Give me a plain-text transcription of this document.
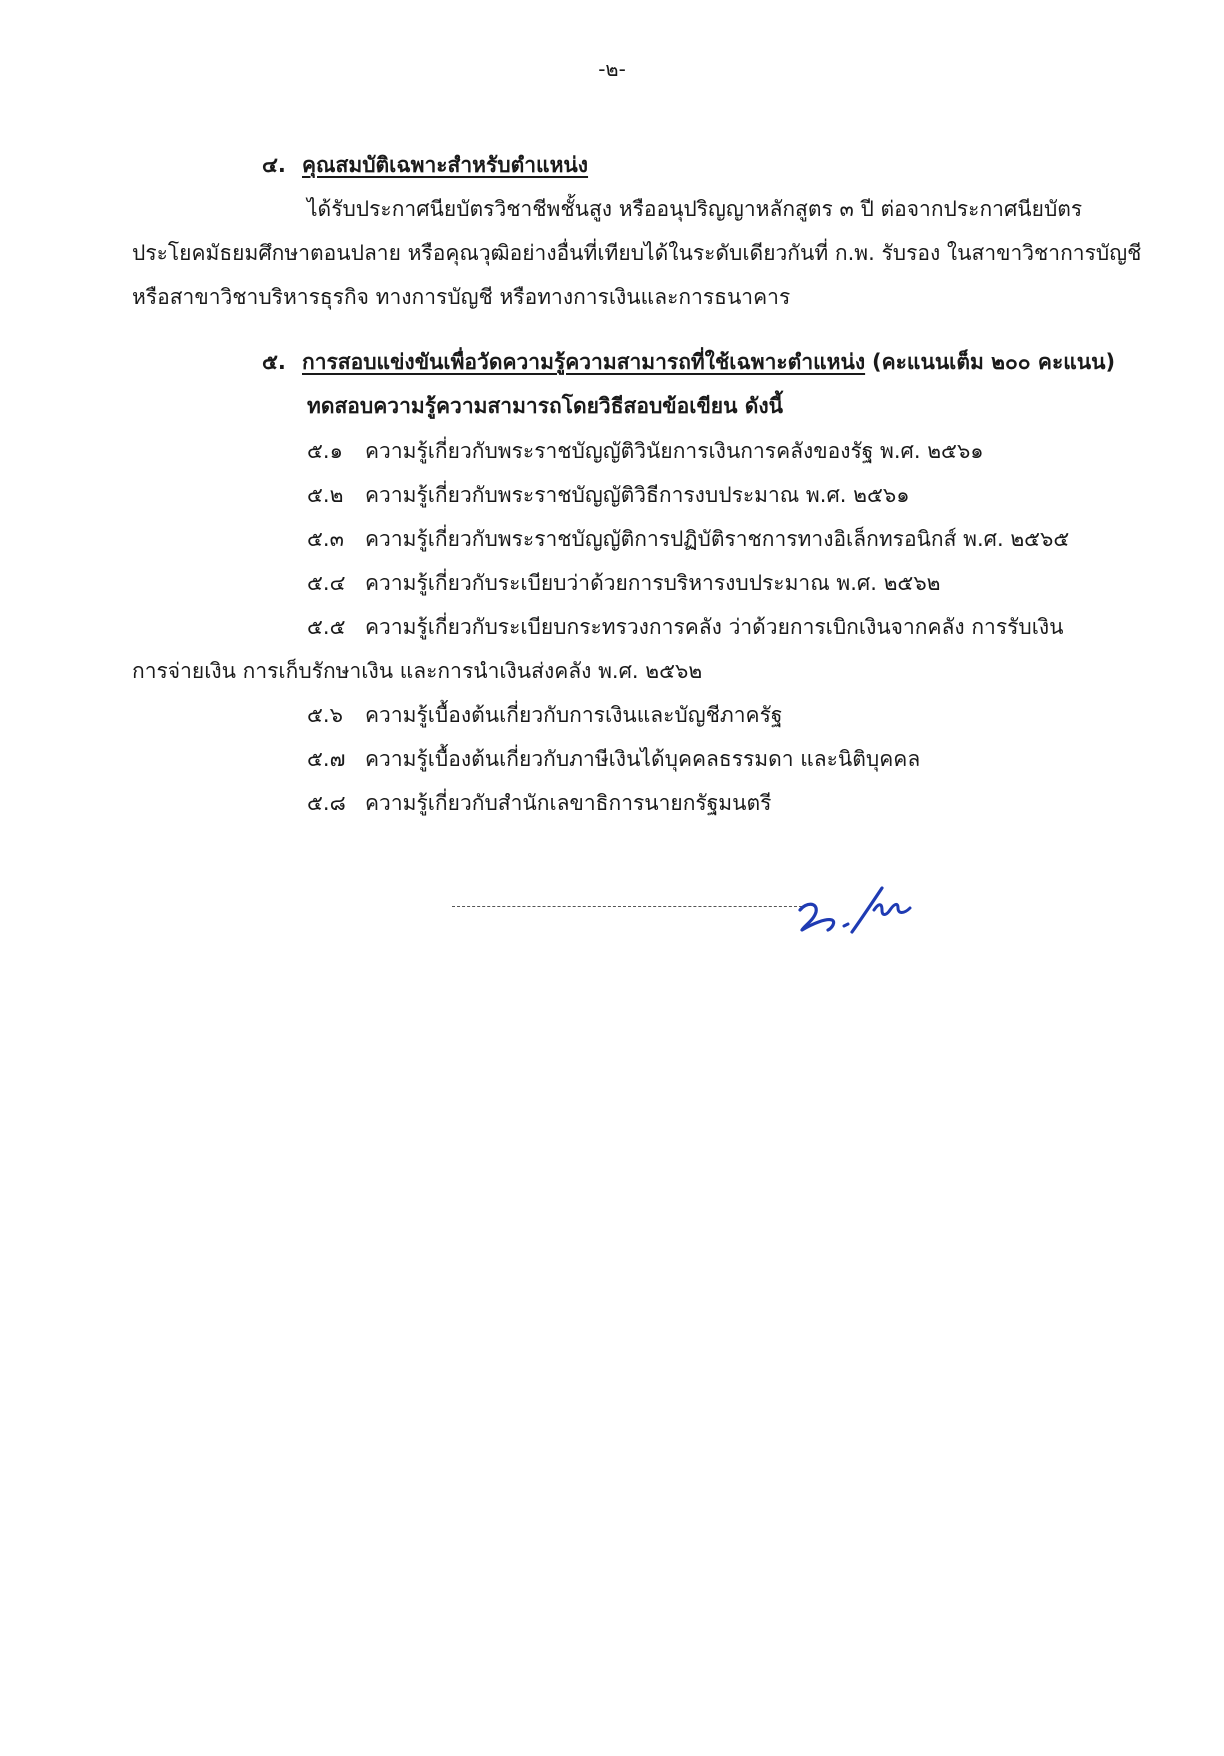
-๒-
๔. คุณสมบัติเฉพาะสำหรับตำแหน่ง
ได้รับประกาศนียบัตรวิชาชีพชั้นสูง หรืออนุปริญญาหลักสูตร ๓ ปี ต่อจากประกาศนียบัตร
ประโยคมัธยมศึกษาตอนปลาย หรือคุณวุฒิอย่างอื่นที่เทียบได้ในระดับเดียวกันที่ ก.พ. รับรอง ในสาขาวิชาการบัญชี
หรือสาขาวิชาบริหารธุรกิจ ทางการบัญชี หรือทางการเงินและการธนาคาร
๕. การสอบแข่งขันเพื่อวัดความรู้ความสามารถที่ใช้เฉพาะตำแหน่ง (คะแนนเต็ม ๒๐๐ คะแนน)
ทดสอบความรู้ความสามารถโดยวิธีสอบข้อเขียน ดังนี้
๕.๑ ความรู้เกี่ยวกับพระราชบัญญัติวินัยการเงินการคลังของรัฐ พ.ศ. ๒๕๖๑
๕.๒ ความรู้เกี่ยวกับพระราชบัญญัติวิธีการงบประมาณ พ.ศ. ๒๕๖๑
๕.๓ ความรู้เกี่ยวกับพระราชบัญญัติการปฏิบัติราชการทางอิเล็กทรอนิกส์ พ.ศ. ๒๕๖๕
๕.๔ ความรู้เกี่ยวกับระเบียบว่าด้วยการบริหารงบประมาณ พ.ศ. ๒๕๖๒
๕.๕ ความรู้เกี่ยวกับระเบียบกระทรวงการคลัง ว่าด้วยการเบิกเงินจากคลัง การรับเงิน
การจ่ายเงิน การเก็บรักษาเงิน และการนำเงินส่งคลัง พ.ศ. ๒๕๖๒
๕.๖ ความรู้เบื้องต้นเกี่ยวกับการเงินและบัญชีภาครัฐ
๕.๗ ความรู้เบื้องต้นเกี่ยวกับภาษีเงินได้บุคคลธรรมดา และนิติบุคคล
๕.๘ ความรู้เกี่ยวกับสำนักเลขาธิการนายกรัฐมนตรี
